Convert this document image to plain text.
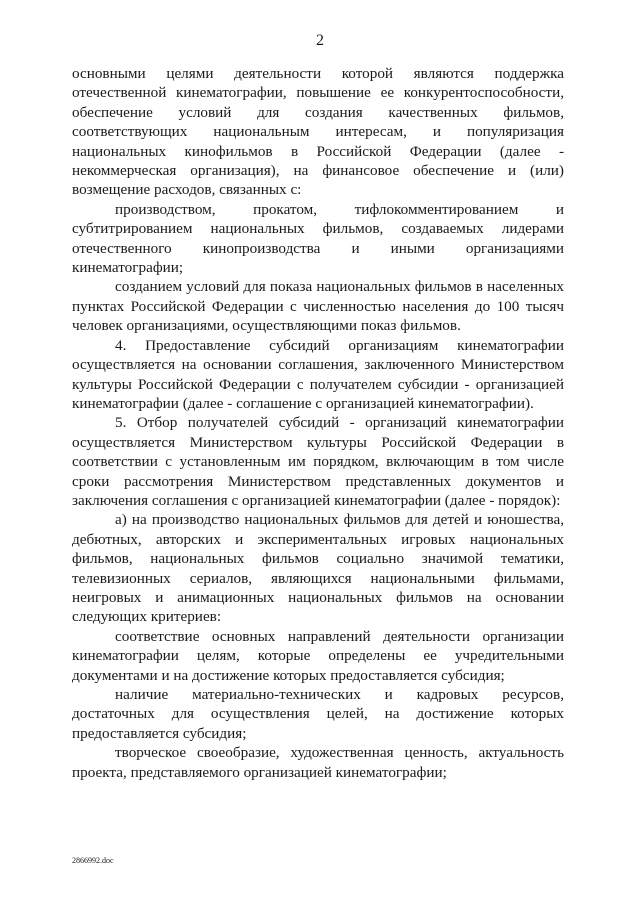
2

основными целями деятельности которой являются поддержка отечественной кинематографии, повышение ее конкурентоспособности, обеспечение условий для создания качественных фильмов, соответствующих национальным интересам, и популяризация национальных кинофильмов в Российской Федерации (далее - некоммерческая организация), на финансовое обеспечение и (или) возмещение расходов, связанных с:

производством, прокатом, тифлокомментированием и субтитрированием национальных фильмов, создаваемых лидерами отечественного кинопроизводства и иными организациями кинематографии;

созданием условий для показа национальных фильмов в населенных пунктах Российской Федерации с численностью населения до 100 тысяч человек организациями, осуществляющими показ фильмов.

4. Предоставление субсидий организациям кинематографии осуществляется на основании соглашения, заключенного Министерством культуры Российской Федерации с получателем субсидии - организацией кинематографии (далее - соглашение с организацией кинематографии).

5. Отбор получателей субсидий - организаций кинематографии осуществляется Министерством культуры Российской Федерации в соответствии с установленным им порядком, включающим в том числе сроки рассмотрения Министерством представленных документов и заключения соглашения с организацией кинематографии (далее - порядок):

а) на производство национальных фильмов для детей и юношества, дебютных, авторских и экспериментальных игровых национальных фильмов, национальных фильмов социально значимой тематики, телевизионных сериалов, являющихся национальными фильмами, неигровых и анимационных национальных фильмов на основании следующих критериев:

соответствие основных направлений деятельности организации кинематографии целям, которые определены ее учредительными документами и на достижение которых предоставляется субсидия;

наличие материально-технических и кадровых ресурсов, достаточных для осуществления целей, на достижение которых предоставляется субсидия;

творческое своеобразие, художественная ценность, актуальность проекта, представляемого организацией кинематографии;

2866992.doc
